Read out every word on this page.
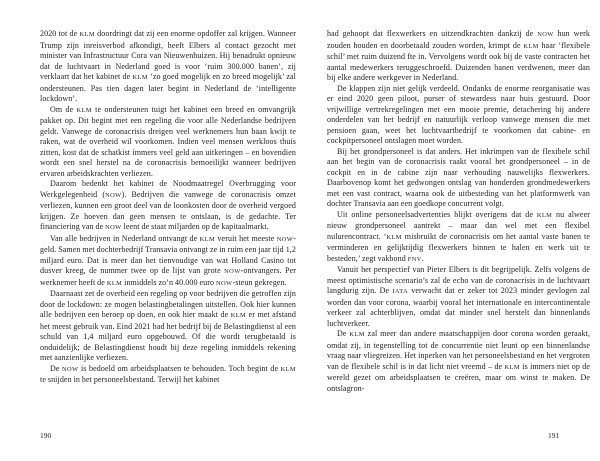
2020 tot de KLM doordringt dat zij een enorme opdoffer zal krijgen. Wanneer Trump zijn inreisverbod afkondigt, heeft Elbers al contact gezocht met minister van Infrastructuur Cora van Nieuwenhuizen. Hij benadrukt opnieuw dat de luchtvaart in Nederland goed is voor ‘ruim 300.000 banen’, zij verklaart dat het kabinet de KLM ‘zo goed mogelijk en zo breed mogelijk’ zal ondersteunen. Pas tien dagen later begint in Nederland de ‘intelligente lockdown’.

Om de KLM te ondersteunen tuigt het kabinet een breed en omvangrijk pakket op. Dit begint met een regeling die voor alle Nederlandse bedrijven geldt. Vanwege de coronacrisis dreigen veel werknemers hun baan kwijt te raken, wat de overheid wil voorkomen. Indien veel mensen werkloos thuis zitten, kost dat de schatkist immers veel geld aan uitkeringen – en bovendien wordt een snel herstel na de coronacrisis bemoeilijkt wanneer bedrijven ervaren arbeidskrachten verliezen.

Daarom bedenkt het kabinet de Noodmaatregel Overbrugging voor Werkgelegenheid (NOW). Bedrijven die vanwege de coronacrisis omzet verliezen, kunnen een groot deel van de loonkosten door de overheid vergoed krijgen. Ze hoeven dan geen mensen te ontslaan, is de gedachte. Ter financiering van de NOW leent de staat miljarden op de kapitaalmarkt.

Van alle bedrijven in Nederland ontvangt de KLM veruit het meeste NOW-geld. Samen met dochterbedrijf Transavia ontvangt ze in ruim een jaar tijd 1,2 miljard euro. Dat is meer dan het tienvoudige van wat Holland Casino tot dusver kreeg, de nummer twee op de lijst van grote NOW-ontvangers. Per werknemer heeft de KLM inmiddels zo’n 40.000 euro NOW-steun gekregen.

Daarnaast zet de overheid een regeling op voor bedrijven die getroffen zijn door de lockdown: ze mogen belastingbetalingen uitstellen. Ook hier kunnen alle bedrijven een beroep op doen, en ook hier maakt de KLM er met afstand het meest gebruik van. Eind 2021 had het bedrijf bij de Belastingdienst al een schuld van 1,4 miljard euro opgebouwd. Of die wordt terugbetaald is onduidelijk; de Belastingdienst houdt bij deze regeling inmiddels rekening met aanzienlijke verliezen.

De NOW is bedoeld om arbeidsplaatsen te behouden. Toch begint de KLM te snijden in het personeelsbestand. Terwijl het kabinet

190

had gehoopt dat flexwerkers en uitzendkrachten dankzij de NOW hun werk zouden houden en doorbetaald zouden worden, krimpt de KLM haar ‘flexibele schil’ met ruim duizend fte in. Vervolgens wordt ook bij de vaste contracten het aantal medewerkers teruggeschroefd. Duizenden banen verdwenen, meer dan bij elke andere werkgever in Nederland.

De klappen zijn niet gelijk verdeeld. Ondanks de enorme reorganisatie was er eind 2020 geen piloot, purser of stewardess naar huis gestuurd. Door vrijwillige vertrekregelingen met een mooie premie, detachering bij andere onderdelen van het bedrijf en natuurlijk verloop vanwege mensen die met pensioen gaan, weet het luchtvaartbedrijf te voorkomen dat cabine- en cockpitpersoneel ontslagen moet worden.

Bij het grondpersoneel is dat anders. Het inkrimpen van de flexibele schil aan het begin van de coronacrisis raakt vooral het grondpersoneel – in de cockpit en in de cabine zijn naar verhouding nauwelijks flexwerkers. Daarbovenop komt het gedwongen ontslag van honderden grondmedewerkers met een vast contract, waarna ook de uitbesteding van het platformwerk van dochter Transavia aan een goedkope concurrent volgt.

Uit online personeelsadvertenties blijkt overigens dat de KLM nu alweer nieuw grondpersoneel aantrekt – maar dan wel met een flexibel nulurencontract. ‘KLM misbruikt de coronacrisis om het aantal vaste banen te verminderen en gelijktijdig flexwerkers binnen te halen en werk uit te besteden,’ zegt vakbond FNV.

Vanuit het perspectief van Pieter Elbers is dit begrijpelijk. Zelfs volgens de meest optimistische scenario’s zal de echo van de coronacrisis in de luchtvaart langdurig zijn. De IATA verwacht dat er zeker tot 2023 minder gevlogen zal worden dan voor corona, waarbij vooral het internationale en intercontinentale verkeer zal achterblijven, omdat dat minder snel herstelt dan binnenlands luchtverkeer.

De KLM zal meer dan andere maatschappijen door corona worden geraakt, omdat zij, in tegenstelling tot de concurrentie niet leunt op een binnenlandse vraag naar vliegreizen. Het inperken van het personeelsbestand en het vergroten van de flexibele schil is in dat licht niet vreemd – de KLM is immers niet op de wereld gezet om arbeidsplaatsen te creëren, maar om winst te maken. De ontslagron-

191
